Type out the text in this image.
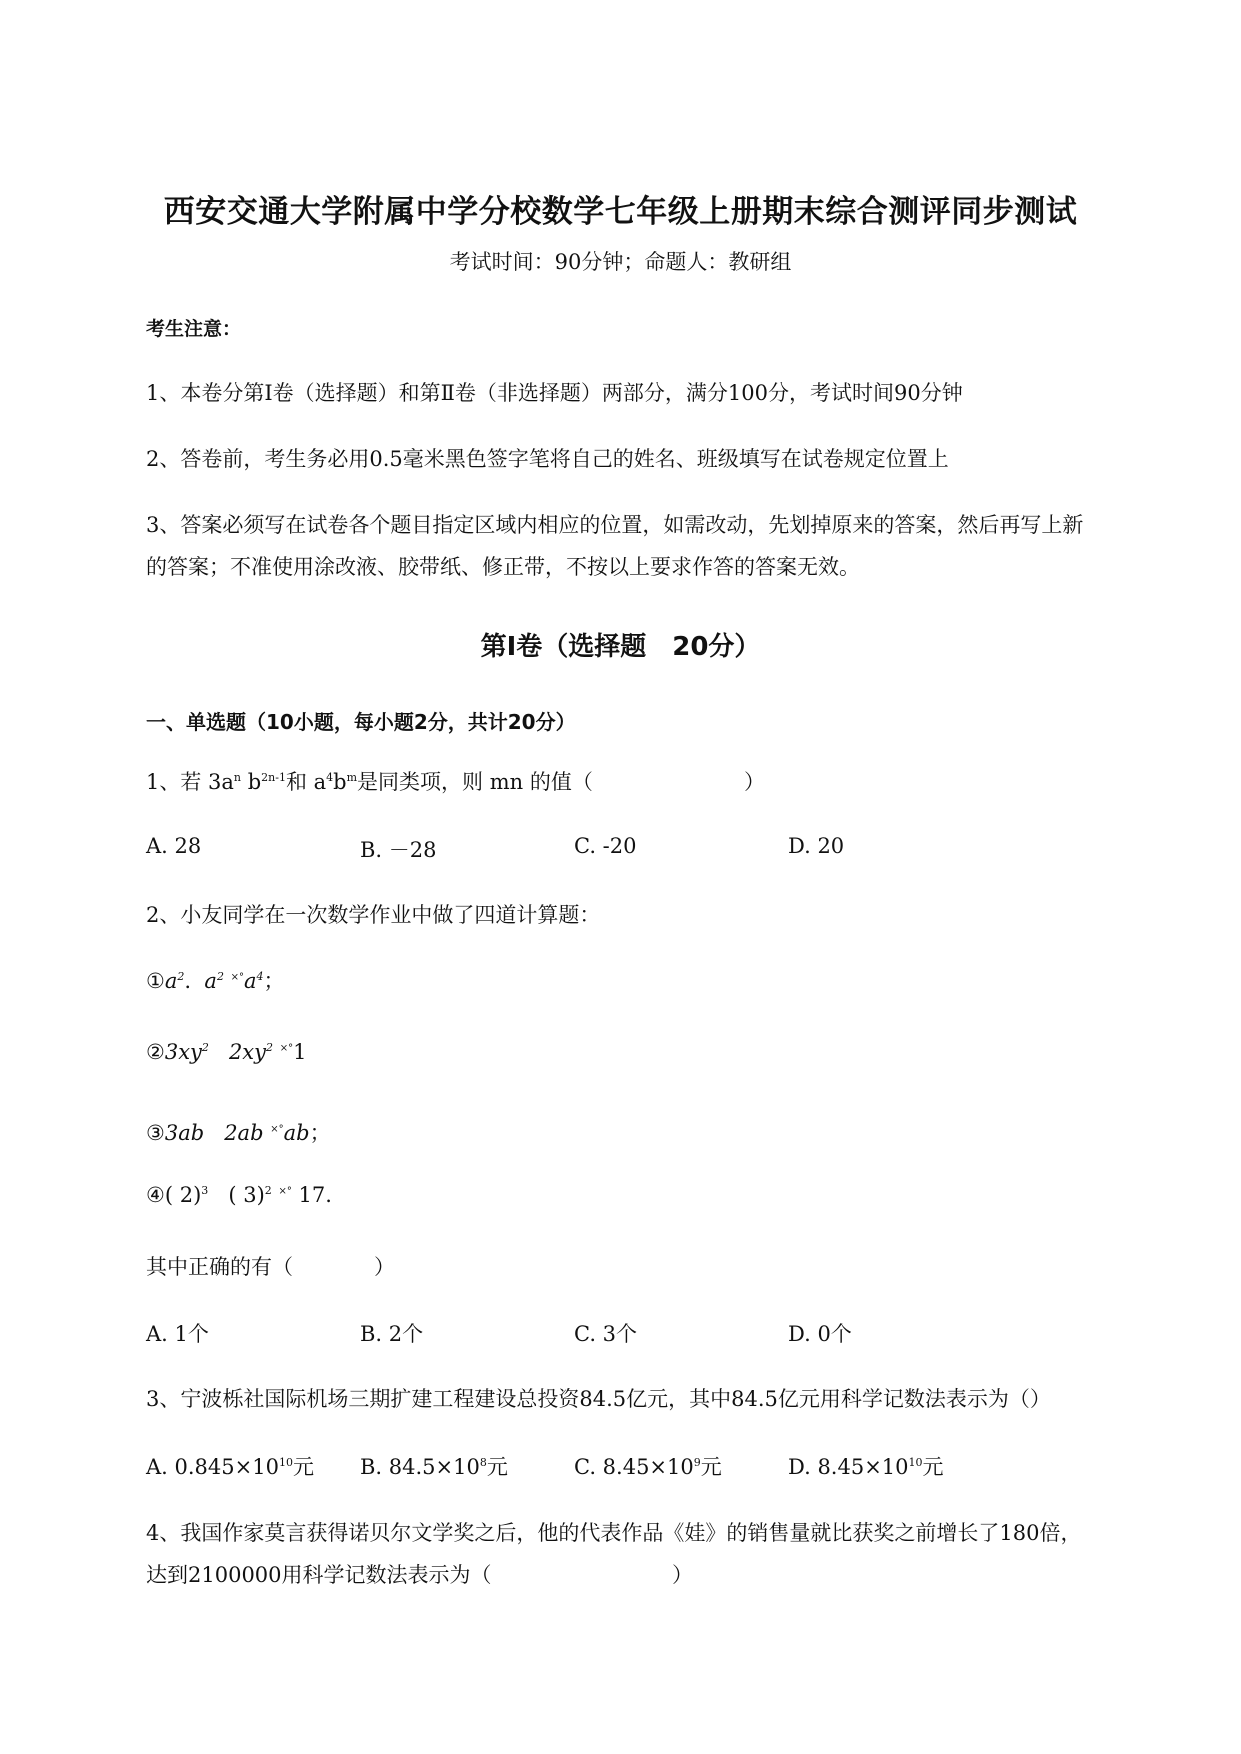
西安交通大学附属中学分校数学七年级上册期末综合测评同步测试
考试时间：90分钟；命题人：教研组
考生注意：
1、本卷分第I卷（选择题）和第Ⅱ卷（非选择题）两部分，满分100分，考试时间90分钟
2、答卷前，考生务必用0.5毫米黑色签字笔将自己的姓名、班级填写在试卷规定位置上
3、答案必须写在试卷各个题目指定区域内相应的位置，如需改动，先划掉原来的答案，然后再写上新
的答案；不准使用涂改液、胶带纸、修正带，不按以上要求作答的答案无效。
第I卷（选择题　20分）
一、单选题（10小题，每小题2分，共计20分）
1、若 $3a^n$ $b^{2n-1}$和 $a^4b^m$是同类项，则 mn 的值（	）
A. 28	B. －28	C. -20	D. 20
2、小友同学在一次数学作业中做了四道计算题：
$①a^2$. $a^2$ $^{\times^\circ}a^4$；
$②3xy^2$ $2xy^2$ ×°1
③3ab 2ab ×°ab；
④( 2)$^3$ ( 3)$^2$ ×° 17.
其中正确的有（	）
A. 1个	B. 2个	C. 3个	D. 0个
3、宁波栎社国际机场三期扩建工程建设总投资84.5亿元，其中84.5亿元用科学记数法表示为（）
A. $0.845\times 10^{10}$元 B. $84.5\times 10^8$元	C. $8.45\times 10^9$元	D. $8.45\times 10^{10}$元
4、我国作家莫言获得诺贝尔文学奖之后，他的代表作品《娃》的销售量就比获奖之前增长了180倍，
达到2100000用科学记数法表示为（	）
